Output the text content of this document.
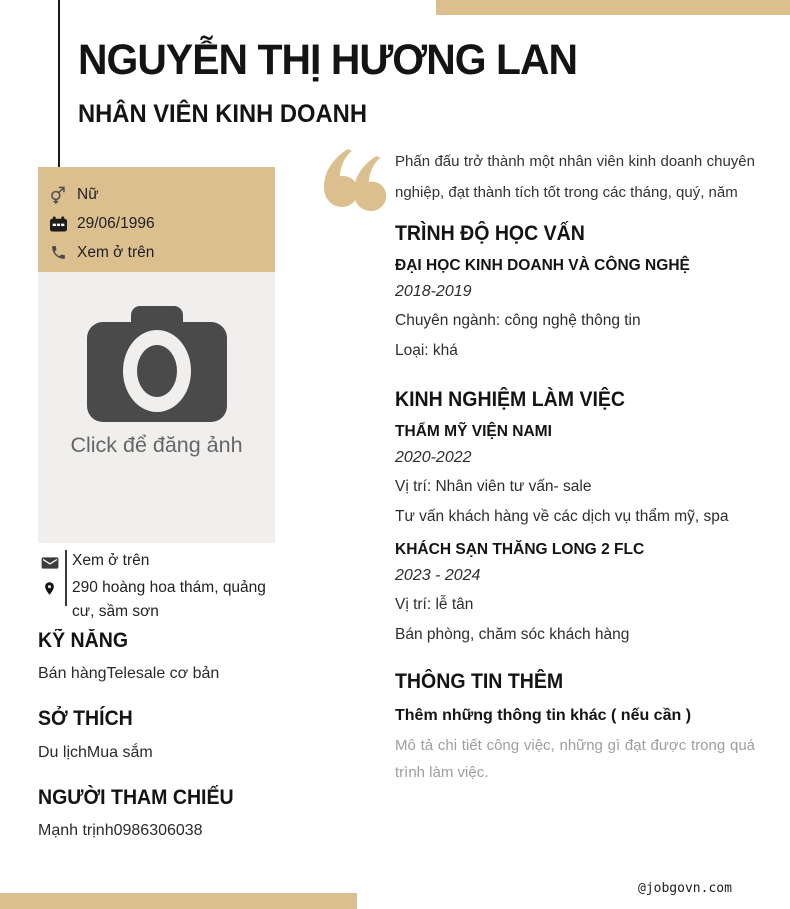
NGUYỄN THỊ HƯƠNG LAN
NHÂN VIÊN KINH DOANH
Nữ
29/06/1996
Xem ở trên
Click để đăng ảnh
Xem ở trên
290 hoàng hoa thám, quảng cư, sầm sơn
KỸ NĂNG
Bán hàngTelesale cơ bản
SỞ THÍCH
Du lịchMua sắm
NGƯỜI THAM CHIẾU
Mạnh trịnh0986306038
Phấn đấu trở thành một nhân viên kinh doanh chuyên nghiệp, đạt thành tích tốt trong các tháng, quý, năm
TRÌNH ĐỘ HỌC VẤN
ĐẠI HỌC KINH DOANH VÀ CÔNG NGHỆ
2018-2019
Chuyên ngành: công nghệ thông tin
Loại: khá
KINH NGHIỆM LÀM VIỆC
THẨM MỸ VIỆN NAMI
2020-2022
Vị trí: Nhân viên tư vấn- sale
Tư vấn khách hàng về các dịch vụ thẩm mỹ, spa
KHÁCH SẠN THĂNG LONG 2 FLC
2023 - 2024
Vị trí: lễ tân
Bán phòng, chăm sóc khách hàng
THÔNG TIN THÊM
Thêm những thông tin khác ( nếu cần )
Mô tả chi tiết công việc, những gì đạt được trong quá trình làm việc.
@jobgovn.com
